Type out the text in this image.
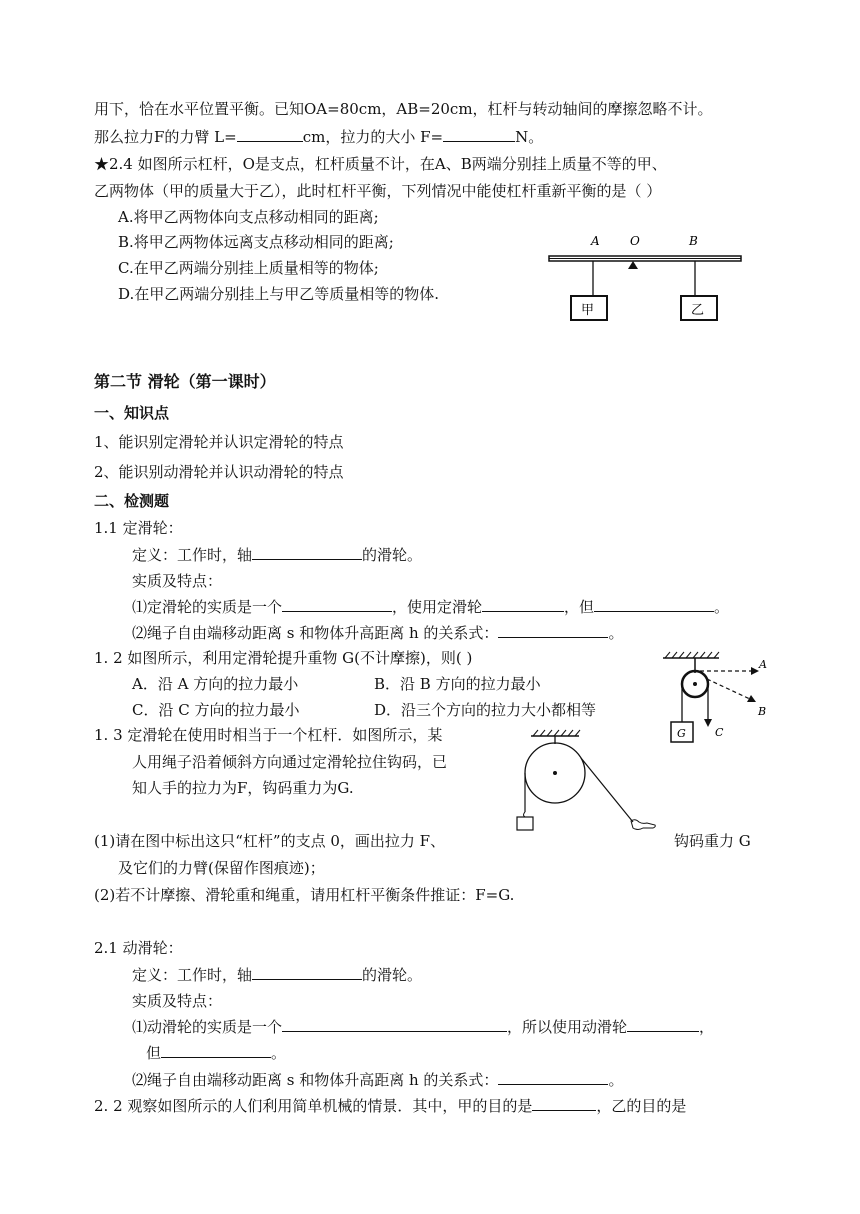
用下，恰在水平位置平衡。已知OA=80cm，AB=20cm，杠杆与转动轴间的摩擦忽略不计。
那么拉力F的力臂 L=	cm，拉力的大小 F=	N。
★2.4 如图所示杠杆，O是支点，杠杆质量不计，在A、B两端分别挂上质量不等的甲、
乙两物体（甲的质量大于乙），此时杠杆平衡，下列情况中能使杠杆重新平衡的是（ ）
A.将甲乙两物体向支点移动相同的距离;
B.将甲乙两物体远离支点移动相同的距离;
C.在甲乙两端分别挂上质量相等的物体;
D.在甲乙两端分别挂上与甲乙等质量相等的物体.
A	O	B
甲	乙
第二节 滑轮（第一课时）
一、知识点
1、能识别定滑轮并认识定滑轮的特点
2、能识别动滑轮并认识动滑轮的特点
二、检测题
1.1 定滑轮：
定义：工作时，轴	的滑轮。
实质及特点：
⑴定滑轮的实质是一个	，使用定滑轮	，但	。
⑵绳子自由端移动距离 s 和物体升高距离 h 的关系式：	。
1. 2 如图所示，利用定滑轮提升重物 G(不计摩擦)，则( )
A．沿 A 方向的拉力最小	B．沿 B 方向的拉力最小
C．沿 C 方向的拉力最小	D．沿三个方向的拉力大小都相等
G
A
B
C
1. 3 定滑轮在使用时相当于一个杠杆．如图所示，某
人用绳子沿着倾斜方向通过定滑轮拉住钩码，已
知人手的拉力为F，钩码重力为G.
(1)请在图中标出这只“杠杆”的支点 0，画出拉力 F、	钩码重力 G
及它们的力臂(保留作图痕迹)；
(2)若不计摩擦、滑轮重和绳重，请用杠杆平衡条件推证：F=G.
2.1 动滑轮：
定义：工作时，轴	的滑轮。
实质及特点：
⑴动滑轮的实质是一个	，所以使用动滑轮	，
但	。
⑵绳子自由端移动距离 s 和物体升高距离 h 的关系式：	。
2. 2 观察如图所示的人们利用简单机械的情景．其中，甲的目的是	，乙的目的是
